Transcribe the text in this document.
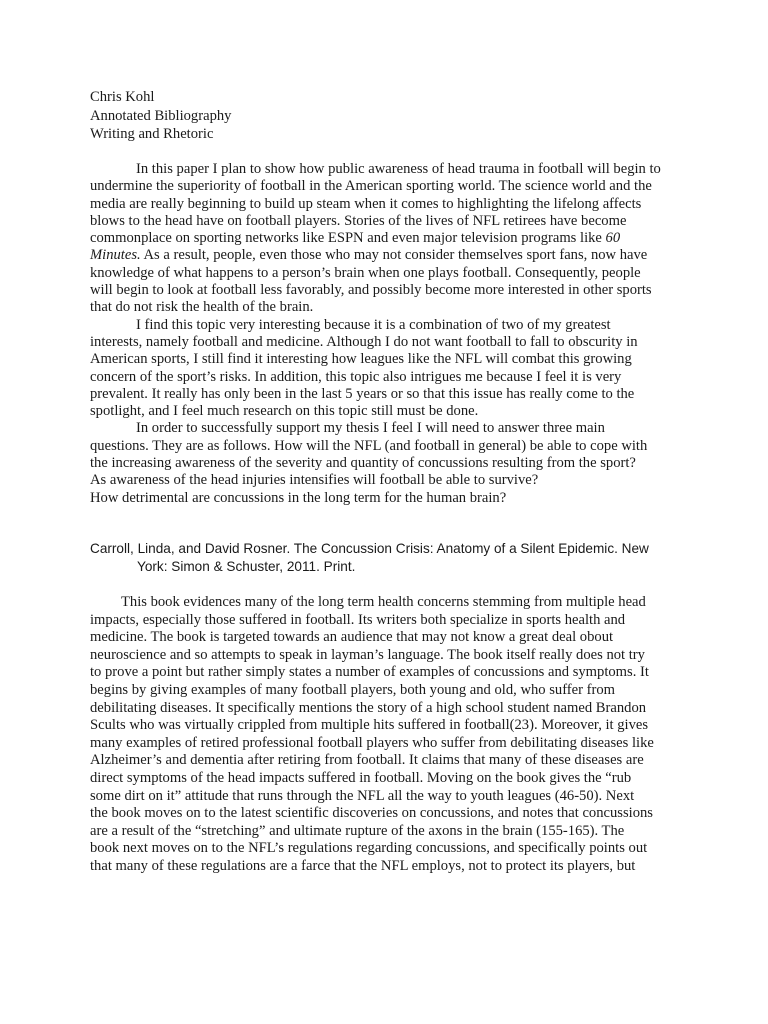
Chris Kohl
Annotated Bibliography
Writing and Rhetoric
In this paper I plan to show how public awareness of head trauma in football will begin to
undermine the superiority of football in the American sporting world. The science world and the
media are really beginning to build up steam when it comes to highlighting the lifelong affects
blows to the head have on football players. Stories of the lives of NFL retirees have become
commonplace on sporting networks like ESPN and even major television programs like 60
Minutes. As a result, people, even those who may not consider themselves sport fans, now have
knowledge of what happens to a person’s brain when one plays football. Consequently, people
will begin to look at football less favorably, and possibly become more interested in other sports
that do not risk the health of the brain.
I find this topic very interesting because it is a combination of two of my greatest
interests, namely football and medicine. Although I do not want football to fall to obscurity in
American sports, I still find it interesting how leagues like the NFL will combat this growing
concern of the sport’s risks. In addition, this topic also intrigues me because I feel it is very
prevalent. It really has only been in the last 5 years or so that this issue has really come to the
spotlight, and I feel much research on this topic still must be done.
In order to successfully support my thesis I feel I will need to answer three main
questions. They are as follows. How will the NFL (and football in general) be able to cope with
the increasing awareness of the severity and quantity of concussions resulting from the sport?
As awareness of the head injuries intensifies will football be able to survive?
How detrimental are concussions in the long term for the human brain?
Carroll, Linda, and David Rosner. The Concussion Crisis: Anatomy of a Silent Epidemic. New
York: Simon & Schuster, 2011. Print.
This book evidences many of the long term health concerns stemming from multiple head
impacts, especially those suffered in football. Its writers both specialize in sports health and
medicine. The book is targeted towards an audience that may not know a great deal obout
neuroscience and so attempts to speak in layman’s language. The book itself really does not try
to prove a point but rather simply states a number of examples of concussions and symptoms. It
begins by giving examples of many football players, both young and old, who suffer from
debilitating diseases. It specifically mentions the story of a high school student named Brandon
Scults who was virtually crippled from multiple hits suffered in football(23). Moreover, it gives
many examples of retired professional football players who suffer from debilitating diseases like
Alzheimer’s and dementia after retiring from football. It claims that many of these diseases are
direct symptoms of the head impacts suffered in football. Moving on the book gives the “rub
some dirt on it” attitude that runs through the NFL all the way to youth leagues (46-50). Next
the book moves on to the latest scientific discoveries on concussions, and notes that concussions
are a result of the “stretching” and ultimate rupture of the axons in the brain (155-165). The
book next moves on to the NFL’s regulations regarding concussions, and specifically points out
that many of these regulations are a farce that the NFL employs, not to protect its players, but
